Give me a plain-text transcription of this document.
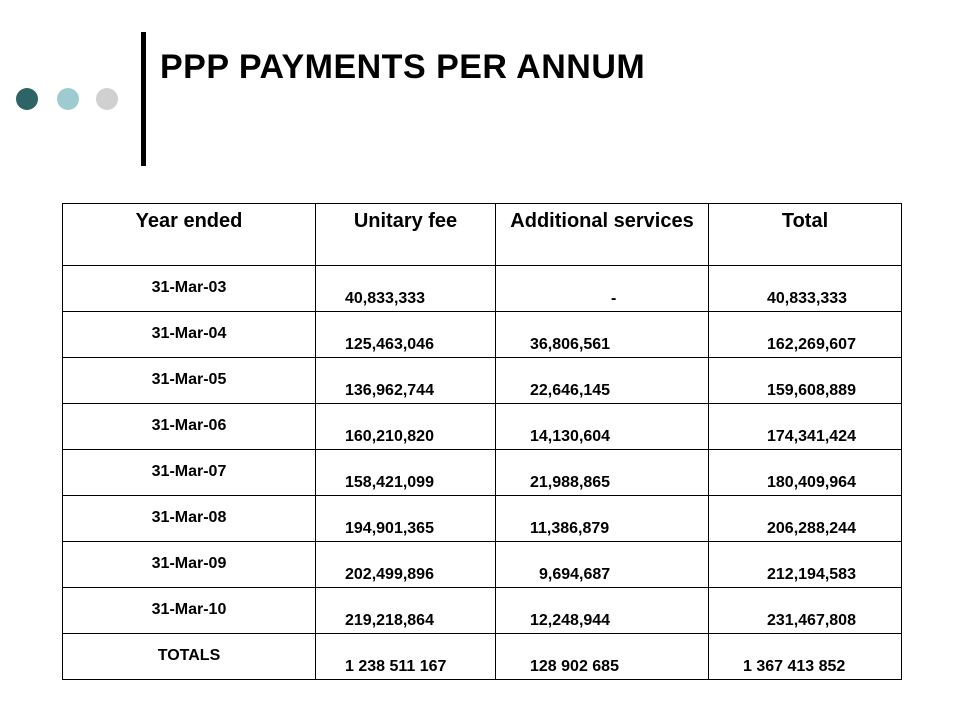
PPP PAYMENTS PER ANNUM
Year ended	Unitary fee	Additional services	Total

31-Mar-03	40,833,333	-	40,833,333

31-Mar-04	125,463,046	36,806,561	162,269,607

31-Mar-05	136,962,744	22,646,145	159,608,889

31-Mar-06	160,210,820	14,130,604	174,341,424

31-Mar-07	158,421,099	21,988,865	180,409,964

31-Mar-08	194,901,365	11,386,879	206,288,244

31-Mar-09	202,499,896	9,694,687	212,194,583

31-Mar-10	219,218,864	12,248,944	231,467,808

TOTALS	1 238 511 167	128 902 685	1 367 413 852
